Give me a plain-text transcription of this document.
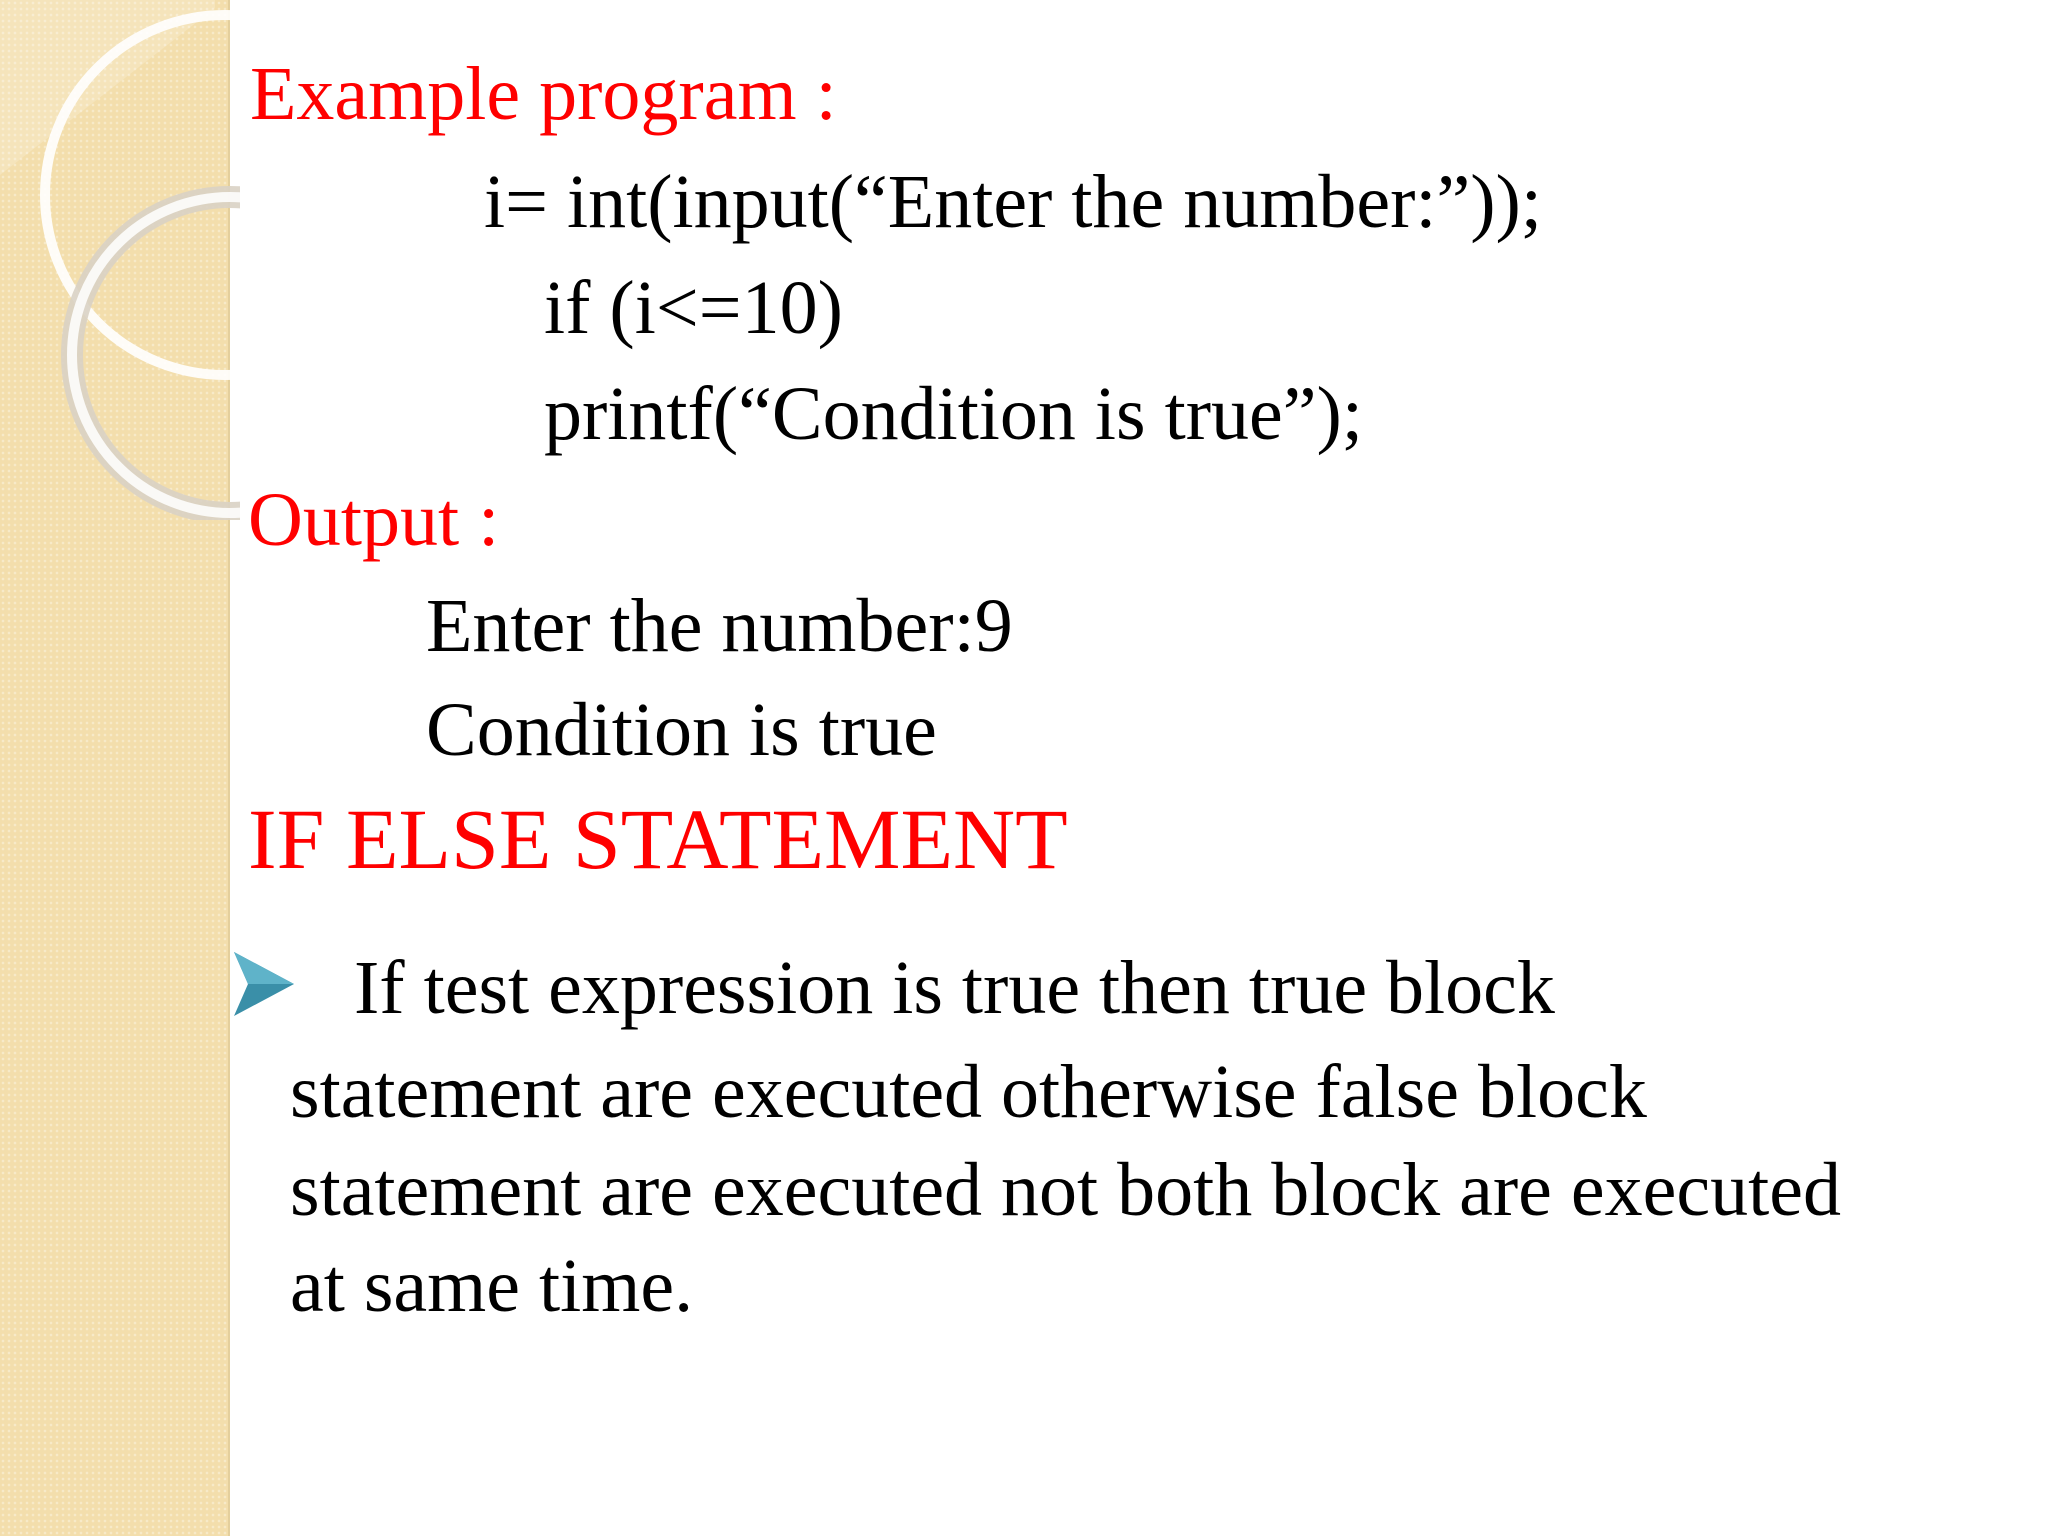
Example program :
i= int(input(“Enter the number:”));
if (i<=10)
printf(“Condition is true”);
Output :
Enter the number:9
Condition is true
IF ELSE STATEMENT
If test expression is true then true block
statement are executed otherwise false block
statement are executed not both block are executed
at same time.
